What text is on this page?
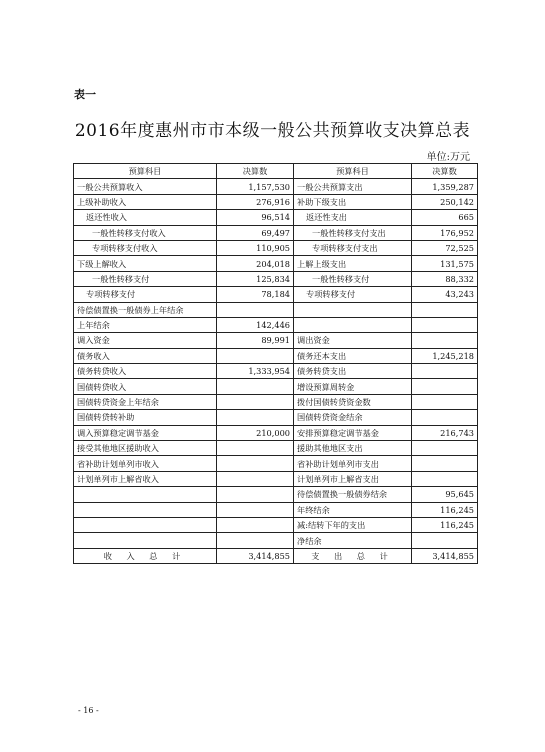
表一
2016年度惠州市市本级一般公共预算收支决算总表
单位:万元
预算科目	决算数	预算科目	决算数
一般公共预算收入	1,157,530	一般公共预算支出	1,359,287
上级补助收入	276,916	补助下级支出	250,142
返还性收入	96,514	返还性支出	665
一般性转移支付收入	69,497	一般性转移支付支出	176,952
专项转移支付收入	110,905	专项转移支付支出	72,525
下级上解收入	204,018	上解上级支出	131,575
一般性转移支付	125,834	一般性转移支付	88,332
专项转移支付	78,184	专项转移支付	43,243
待偿债置换一般债券上年结余			
上年结余	142,446		
调入资金	89,991	调出资金	
债务收入		债务还本支出	1,245,218
债务转贷收入	1,333,954	债务转贷支出	
国债转贷收入		增设预算周转金	
国债转贷资金上年结余		拨付国债转贷资金数	
国债转贷转补助		国债转贷资金结余	
调入预算稳定调节基金	210,000	安排预算稳定调节基金	216,743
接受其他地区援助收入		援助其他地区支出	
省补助计划单列市收入		省补助计划单列市支出	
计划单列市上解省收入		计划单列市上解省支出	
		待偿债置换一般债券结余	95,645
		年终结余	116,245
		减:结转下年的支出	116,245
		净结余	
收 入 总 计	3,414,855	支 出 总 计	3,414,855
- 16 -
